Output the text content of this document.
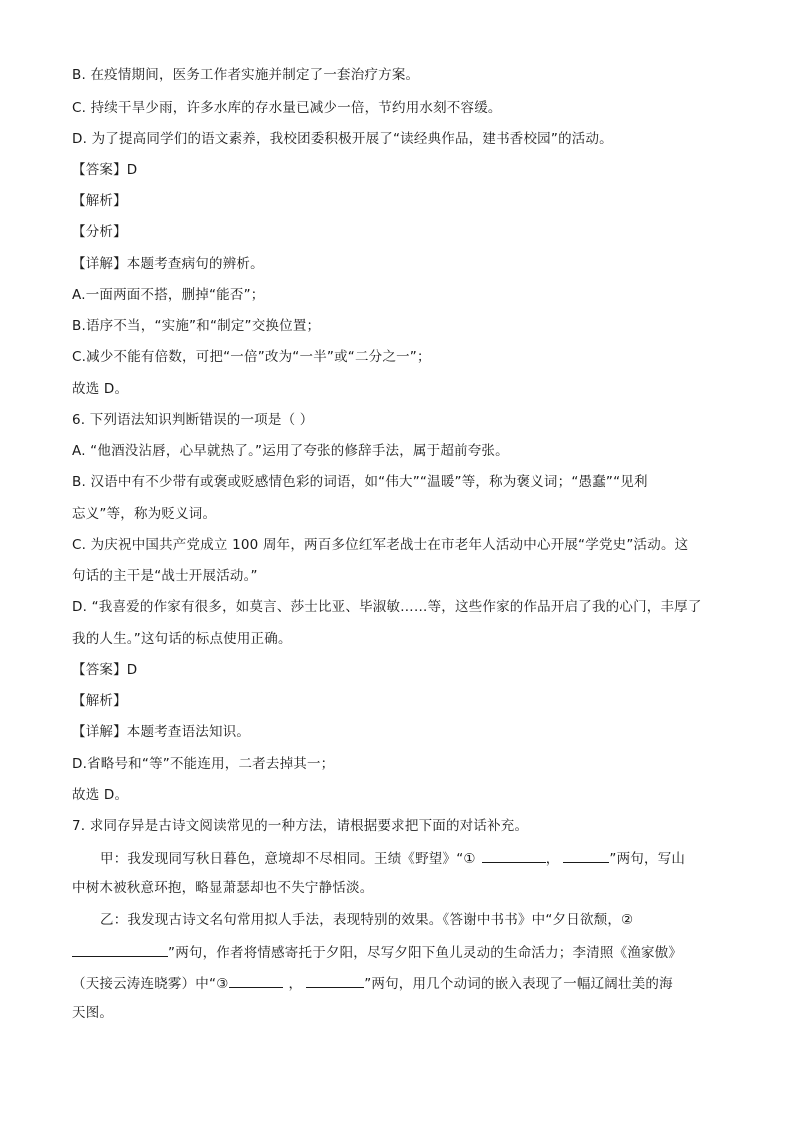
B. 在疫情期间，医务工作者实施并制定了一套治疗方案。
C. 持续干旱少雨，许多水库的存水量已减少一倍，节约用水刻不容缓。
D. 为了提高同学们的语文素养，我校团委积极开展了“读经典作品，建书香校园”的活动。
【答案】D
【解析】
【分析】
【详解】本题考查病句的辨析。
A.一面两面不搭，删掉“能否”；
B.语序不当，“实施”和“制定”交换位置；
C.减少不能有倍数，可把“一倍”改为“一半”或“二分之一”；
故选 D。
6. 下列语法知识判断错误的一项是（ ）
A. “他酒没沾唇，心早就热了。”运用了夸张的修辞手法，属于超前夸张。
B. 汉语中有不少带有或褒或贬感情色彩的词语，如“伟大”“温暖”等，称为褒义词；“愚蠢”“见利
忘义”等，称为贬义词。
C. 为庆祝中国共产党成立 100 周年，两百多位红军老战士在市老年人活动中心开展“学党史”活动。这
句话的主干是“战士开展活动。”
D. “我喜爱的作家有很多，如莫言、莎士比亚、毕淑敏……等，这些作家的作品开启了我的心门，丰厚了
我的人生。”这句话的标点使用正确。
【答案】D
【解析】
【详解】本题考查语法知识。
D.省略号和“等”不能连用，二者去掉其一；
故选 D。
7. 求同存异是古诗文阅读常见的一种方法，请根据要求把下面的对话补充。
甲：我发现同写秋日暮色，意境却不尽相同。王绩《野望》“①	，	”两句，写山
中树木被秋意环抱，略显萧瑟却也不失宁静恬淡。
乙：我发现古诗文名句常用拟人手法，表现特别的效果。《答谢中书书》中“夕日欲颓，②
”两句，作者将情感寄托于夕阳，尽写夕阳下鱼儿灵动的生命活力；李清照《渔家傲》
（天接云涛连晓雾）中“③	，	”两句，用几个动词的嵌入表现了一幅辽阔壮美的海
天图。
